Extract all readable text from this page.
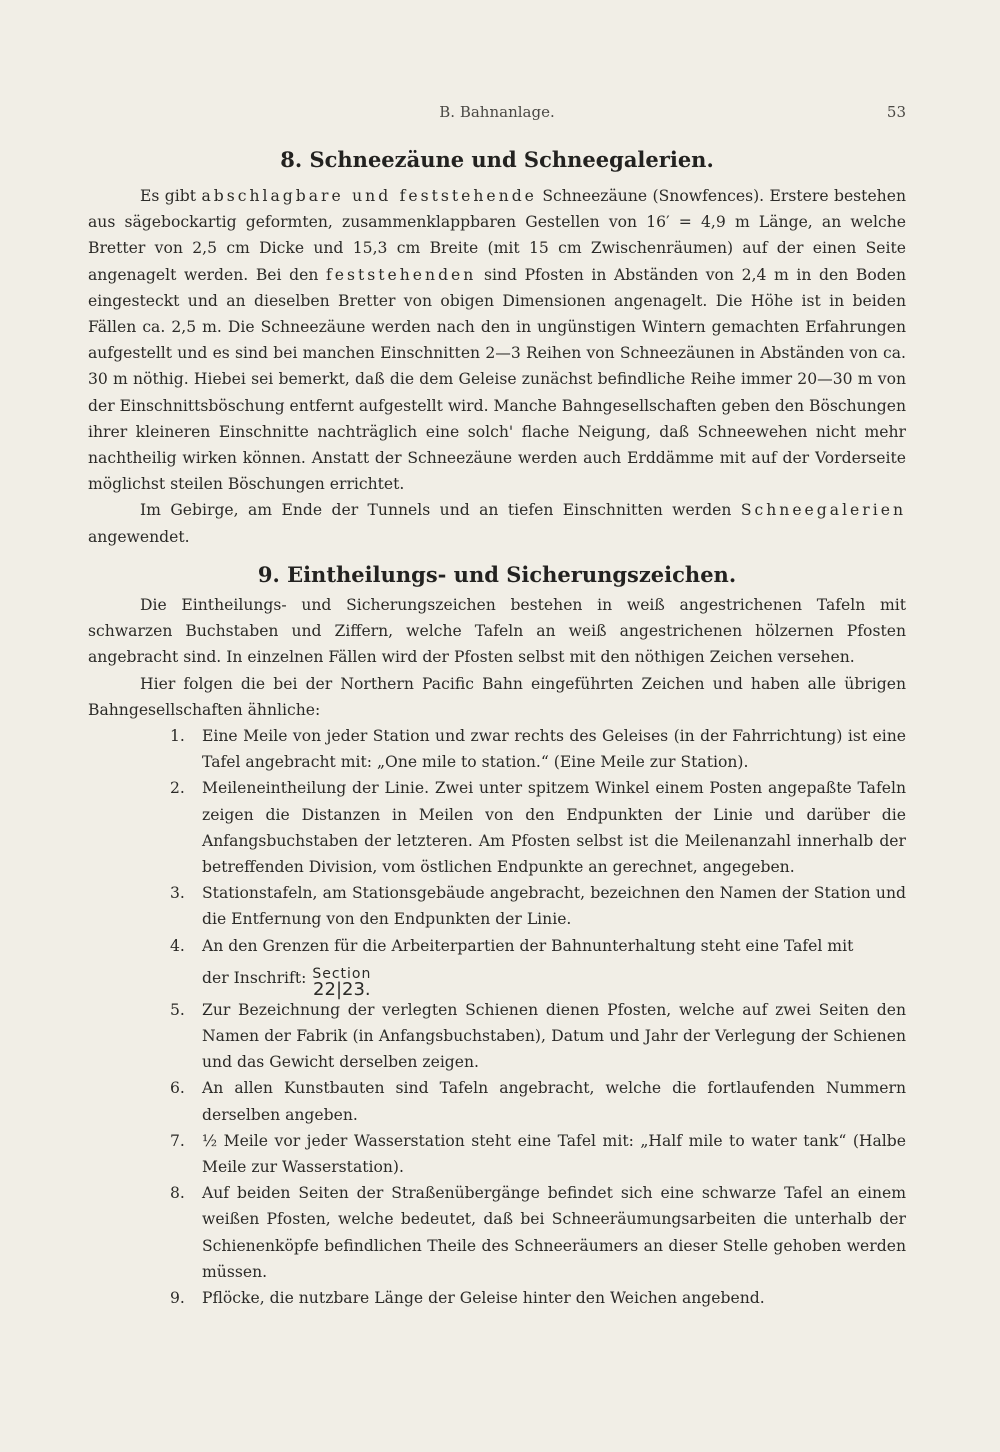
B. Bahnanlage.	53
8. Schneezäune und Schneegalerien.

Es gibt abschlagbare und feststehende Schneezäune (Snowfences). Erstere bestehen aus sägebockartig geformten, zusammenklappbaren Gestellen von 16′ = 4,9 m Länge, an welche Bretter von 2,5 cm Dicke und 15,3 cm Breite (mit 15 cm Zwischenräumen) auf der einen Seite angenagelt werden. Bei den feststehenden sind Pfosten in Abständen von 2,4 m in den Boden eingesteckt und an dieselben Bretter von obigen Dimensionen angenagelt. Die Höhe ist in beiden Fällen ca. 2,5 m. Die Schneezäune werden nach den in ungünstigen Wintern gemachten Erfahrungen aufgestellt und es sind bei manchen Einschnitten 2—3 Reihen von Schneezäunen in Abständen von ca. 30 m nöthig. Hiebei sei bemerkt, daß die dem Geleise zunächst befindliche Reihe immer 20—30 m von der Einschnittsböschung entfernt aufgestellt wird. Manche Bahngesellschaften geben den Böschungen ihrer kleineren Einschnitte nachträglich eine solch' flache Neigung, daß Schneewehen nicht mehr nachtheilig wirken können. Anstatt der Schneezäune werden auch Erddämme mit auf der Vorderseite möglichst steilen Böschungen errichtet.

Im Gebirge, am Ende der Tunnels und an tiefen Einschnitten werden Schneegalerien angewendet.

9. Eintheilungs- und Sicherungszeichen.

Die Eintheilungs- und Sicherungszeichen bestehen in weiß angestrichenen Tafeln mit schwarzen Buchstaben und Ziffern, welche Tafeln an weiß angestrichenen hölzernen Pfosten angebracht sind. In einzelnen Fällen wird der Pfosten selbst mit den nöthigen Zeichen versehen.

Hier folgen die bei der Northern Pacific Bahn eingeführten Zeichen und haben alle übrigen Bahngesellschaften ähnliche:

1. Eine Meile von jeder Station und zwar rechts des Geleises (in der Fahrrichtung) ist eine Tafel angebracht mit: „One mile to station.“ (Eine Meile zur Station).
2. Meileneintheilung der Linie. Zwei unter spitzem Winkel einem Posten angepaßte Tafeln zeigen die Distanzen in Meilen von den Endpunkten der Linie und darüber die Anfangsbuchstaben der letzteren. Am Pfosten selbst ist die Meilenanzahl innerhalb der betreffenden Division, vom östlichen Endpunkte an gerechnet, angegeben.
3. Stationstafeln, am Stationsgebäude angebracht, bezeichnen den Namen der Station und die Entfernung von den Endpunkten der Linie.
4. An den Grenzen für die Arbeiterpartien der Bahnunterhaltung steht eine Tafel mit
der Inschrift: Section
22|23.
5. Zur Bezeichnung der verlegten Schienen dienen Pfosten, welche auf zwei Seiten den Namen der Fabrik (in Anfangsbuchstaben), Datum und Jahr der Verlegung der Schienen und das Gewicht derselben zeigen.
6. An allen Kunstbauten sind Tafeln angebracht, welche die fortlaufenden Nummern derselben angeben.
7. ½ Meile vor jeder Wasserstation steht eine Tafel mit: „Half mile to water tank“ (Halbe Meile zur Wasserstation).
8. Auf beiden Seiten der Straßenübergänge befindet sich eine schwarze Tafel an einem weißen Pfosten, welche bedeutet, daß bei Schneeräumungsarbeiten die unterhalb der Schienenköpfe befindlichen Theile des Schneeräumers an dieser Stelle gehoben werden müssen.
9. Pflöcke, die nutzbare Länge der Geleise hinter den Weichen angebend.
